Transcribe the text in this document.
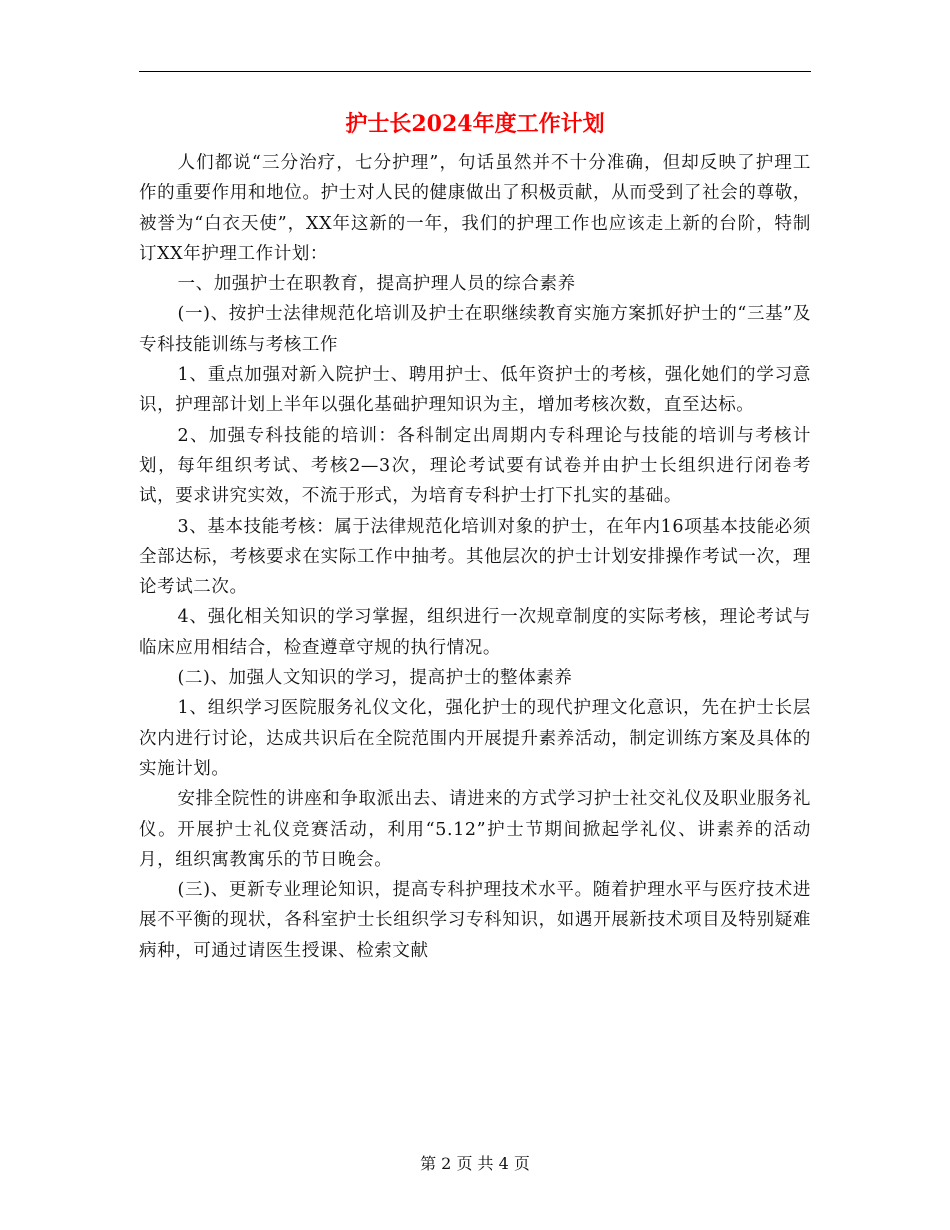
护士长2024年度工作计划

人们都说“三分治疗，七分护理”，句话虽然并不十分准确，但却反映了护理工作的重要作用和地位。护士对人民的健康做出了积极贡献，从而受到了社会的尊敬，被誉为“白衣天使”，XX年这新的一年，我们的护理工作也应该走上新的台阶，特制订XX年护理工作计划：

一、加强护士在职教育，提高护理人员的综合素养

(一)、按护士法律规范化培训及护士在职继续教育实施方案抓好护士的“三基”及专科技能训练与考核工作

1、重点加强对新入院护士、聘用护士、低年资护士的考核，强化她们的学习意识，护理部计划上半年以强化基础护理知识为主，增加考核次数，直至达标。

2、加强专科技能的培训：各科制定出周期内专科理论与技能的培训与考核计划，每年组织考试、考核2—3次，理论考试要有试卷并由护士长组织进行闭卷考试，要求讲究实效，不流于形式，为培育专科护士打下扎实的基础。

3、基本技能考核：属于法律规范化培训对象的护士，在年内16项基本技能必须全部达标，考核要求在实际工作中抽考。其他层次的护士计划安排操作考试一次，理论考试二次。

4、强化相关知识的学习掌握，组织进行一次规章制度的实际考核，理论考试与临床应用相结合，检查遵章守规的执行情况。

(二)、加强人文知识的学习，提高护士的整体素养

1、组织学习医院服务礼仪文化，强化护士的现代护理文化意识，先在护士长层次内进行讨论，达成共识后在全院范围内开展提升素养活动，制定训练方案及具体的实施计划。

安排全院性的讲座和争取派出去、请进来的方式学习护士社交礼仪及职业服务礼仪。开展护士礼仪竞赛活动，利用“5.12”护士节期间掀起学礼仪、讲素养的活动月，组织寓教寓乐的节日晚会。

(三)、更新专业理论知识，提高专科护理技术水平。随着护理水平与医疗技术进展不平衡的现状，各科室护士长组织学习专科知识，如遇开展新技术项目及特别疑难病种，可通过请医生授课、检索文献

第 2 页 共 4 页
